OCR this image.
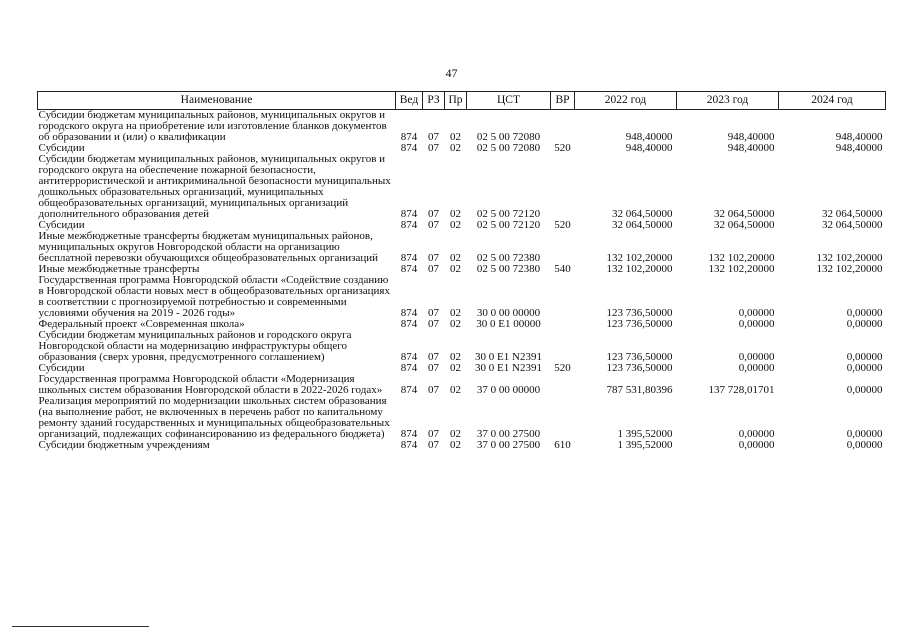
47
Наименование	Вед	РЗ	Пр	ЦСТ	ВР	2022 год	2023 год	2024 год
Субсидии бюджетам муниципальных районов, муниципальных округов и городского округа на приобретение или изготовление бланков документов об образовании и (или) о квалификации	874	07	02	02 5 00 72080		948,40000	948,40000	948,40000
Субсидии	874	07	02	02 5 00 72080	520	948,40000	948,40000	948,40000
Субсидии бюджетам муниципальных районов, муниципальных округов и городского округа на обеспечение пожарной безопасности, антитеррористической и антикриминальной безопасности муниципальных дошкольных образовательных организаций, муниципальных общеобразовательных организаций, муниципальных организаций дополнительного образования детей	874	07	02	02 5 00 72120		32 064,50000	32 064,50000	32 064,50000
Субсидии	874	07	02	02 5 00 72120	520	32 064,50000	32 064,50000	32 064,50000
Иные межбюджетные трансферты бюджетам муниципальных районов, муниципальных округов Новгородской области на организацию бесплатной перевозки обучающихся общеобразовательных организаций	874	07	02	02 5 00 72380		132 102,20000	132 102,20000	132 102,20000
Иные межбюджетные трансферты	874	07	02	02 5 00 72380	540	132 102,20000	132 102,20000	132 102,20000
Государственная программа Новгородской области «Содействие созданию в Новгородской области новых мест в общеобразовательных организациях в соответствии с прогнозируемой потребностью и современными условиями обучения на 2019 - 2026 годы»	874	07	02	30 0 00 00000		123 736,50000	0,00000	0,00000
Федеральный проект «Современная школа»	874	07	02	30 0 E1 00000		123 736,50000	0,00000	0,00000
Субсидии бюджетам муниципальных районов и городского округа Новгородской области на модернизацию инфраструктуры общего образования (сверх уровня, предусмотренного соглашением)	874	07	02	30 0 E1 N2391		123 736,50000	0,00000	0,00000
Субсидии	874	07	02	30 0 E1 N2391	520	123 736,50000	0,00000	0,00000
Государственная программа Новгородской области «Модернизация школьных систем образования Новгородской области в 2022-2026 годах»	874	07	02	37 0 00 00000		787 531,80396	137 728,01701	0,00000
Реализация мероприятий по модернизации школьных систем образования (на выполнение работ, не включенных в перечень работ по капитальному ремонту зданий государственных и муниципальных общеобразовательных организаций, подлежащих софинансированию из федерального бюджета)	874	07	02	37 0 00 27500		1 395,52000	0,00000	0,00000
Субсидии бюджетным учреждениям	874	07	02	37 0 00 27500	610	1 395,52000	0,00000	0,00000
